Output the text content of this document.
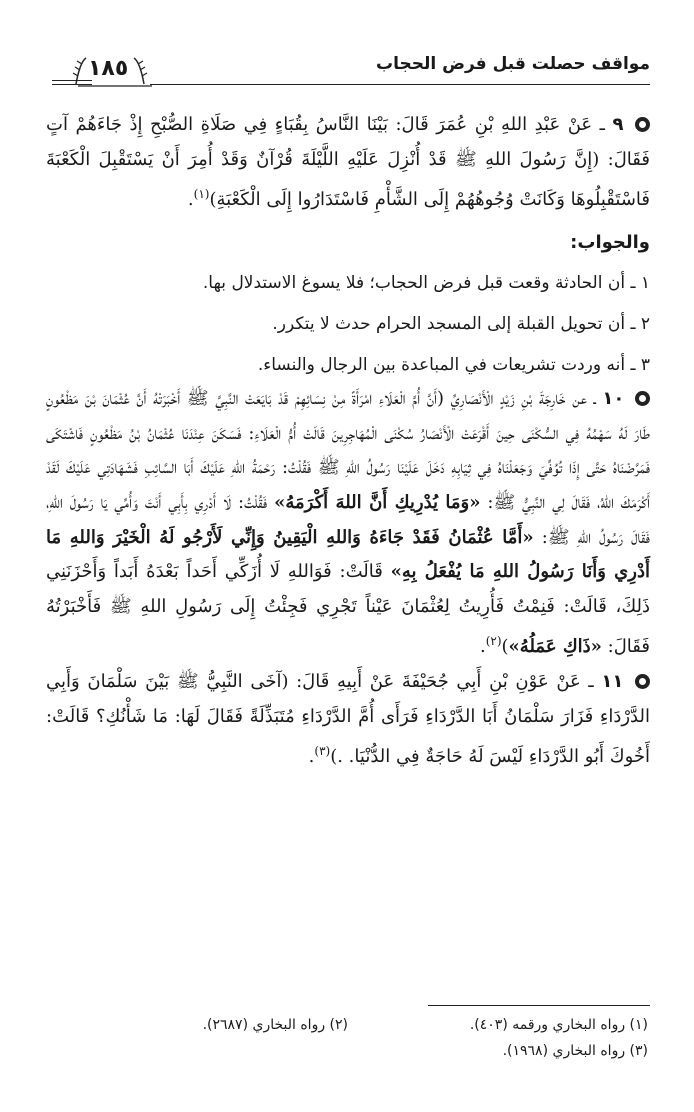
مواقف حصلت قبل فرض الحجاب
١٨٥

٩ ـ عَنْ عَبْدِ اللهِ بْنِ عُمَرَ قَالَ: بَيْنَا النَّاسُ بِقُبَاءٍ فِي صَلَاةِ الصُّبْحِ إِذْ جَاءَهُمْ آتٍ فَقَالَ: (إِنَّ رَسُولَ اللهِ ﷺ قَدْ أُنْزِلَ عَلَيْهِ اللَّيْلَةَ قُرْآنٌ وَقَدْ أُمِرَ أَنْ يَسْتَقْبِلَ الْكَعْبَةَ فَاسْتَقْبِلُوهَا وَكَانَتْ وُجُوهُهُمْ إِلَى الشَّأْمِ فَاسْتَدَارُوا إِلَى الْكَعْبَةِ)$^{(١)}$.

والجواب:

١ ـ أن الحادثة وقعت قبل فرض الحجاب؛ فلا يسوغ الاستدلال بها.

٢ ـ أن تحويل القبلة إلى المسجد الحرام حدث لا يتكرر.

٣ ـ أنه وردت تشريعات في المباعدة بين الرجال والنساء.

١٠ ـ عن خَارِجَةَ بْنِ زَيْدٍ الْأَنْصَارِيِّ (أَنَّ أُمَّ الْعَلَاءِ امْرَأَةً مِنْ نِسَائِهِمْ قَدْ بَايَعَتْ النَّبِيَّ ﷺ أَخْبَرَتْهُ أَنَّ عُثْمَانَ بْنَ مَظْعُونٍ طَارَ لَهُ سَهْمُهُ فِي السُّكْنَى حِينَ أَقْرَعَتْ الْأَنْصَارُ سُكْنَى الْمُهَاجِرِينَ قَالَتْ أُمُّ الْعَلَاءِ: فَسَكَنَ عِنْدَنَا عُثْمَانُ بْنُ مَظْعُونٍ فَاشْتَكَى فَمَرَّضْنَاهُ حَتَّى إِذَا تُوُفِّيَ وَجَعَلْنَاهُ فِي ثِيَابِهِ دَخَلَ عَلَيْنَا رَسُولُ اللهِ ﷺ فَقُلْتُ: رَحْمَةُ اللهِ عَلَيْكَ أَبَا السَّائِبِ فَشَهَادَتِي عَلَيْكَ لَقَدْ أَكْرَمَكَ اللهُ، فَقَالَ لِي النَّبِيُّ ﷺ: «وَمَا يُدْرِيكِ أَنَّ اللهَ أَكْرَمَهُ» فَقُلْتُ: لَا أَدْرِي بِأَبِي أَنْتَ وَأُمِّي يَا رَسُولَ اللهِ، فَقَالَ رَسُولُ اللهِ ﷺ: «أَمَّا عُثْمَانُ فَقَدْ جَاءَهُ وَاللهِ الْيَقِينُ وَإِنِّي لَأَرْجُو لَهُ الْخَيْرَ وَاللهِ مَا أَدْرِي وَأَنَا رَسُولُ اللهِ مَا يُفْعَلُ بِهِ» قَالَتْ: فَوَاللهِ لَا أُزَكِّي أَحَداً بَعْدَهُ أَبَداً وَأَحْزَنَنِي ذَلِكَ، قَالَتْ: فَنِمْتُ فَأُرِيتُ لِعُثْمَانَ عَيْناً تَجْرِي فَجِئْتُ إِلَى رَسُولِ اللهِ ﷺ فَأَخْبَرْتُهُ فَقَالَ: «ذَاكِ عَمَلُهُ»)$^{(٢)}$.

١١ ـ عَنْ عَوْنِ بْنِ أَبِي جُحَيْفَةَ عَنْ أَبِيهِ قَالَ: (آخَى النَّبِيُّ ﷺ بَيْنَ سَلْمَانَ وَأَبِي الدَّرْدَاءِ فَزَارَ سَلْمَانُ أَبَا الدَّرْدَاءِ فَرَأَى أُمَّ الدَّرْدَاءِ مُتَبَذِّلَةً فَقَالَ لَهَا: مَا شَأْنُكِ؟ قَالَتْ: أَخُوكَ أَبُو الدَّرْدَاءِ لَيْسَ لَهُ حَاجَةٌ فِي الدُّنْيَا. .)$^{(٣)}$.

(١) رواه البخاري ورقمه (٤٠٣).
(٢) رواه البخاري (٢٦٨٧).
(٣) رواه البخاري (١٩٦٨).
